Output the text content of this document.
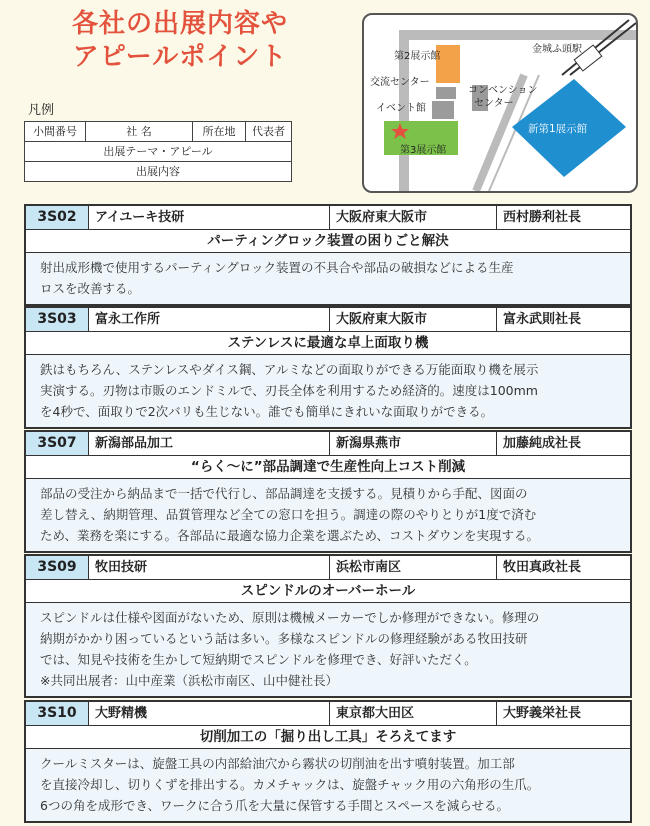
各社の出展内容や
アピールポイント
凡例
小間番号	社 名	所在地	代表者
出展テーマ・アピール
出展内容
第2展示館
金城ふ頭駅
交流センター
コンベンション
センター
イベント館
第3展示館
新第1展示館
3S02	アイユーキ技研	大阪府東大阪市	西村勝利社長
パーティングロック装置の困りごと解決
射出成形機で使用するパーティングロック装置の不具合や部品の破損などによる生産
ロスを改善する。
3S03	富永工作所	大阪府東大阪市	富永武則社長
ステンレスに最適な卓上面取り機
鉄はもちろん、ステンレスやダイス鋼、アルミなどの面取りができる万能面取り機を展示
実演する。刃物は市販のエンドミルで、刃長全体を利用するため経済的。速度は100mm
を4秒で、面取りで2次バリも生じない。誰でも簡単にきれいな面取りができる。
3S07	新潟部品加工	新潟県燕市	加藤純成社長
“らく〜に”部品調達で生産性向上コスト削減
部品の受注から納品まで一括で代行し、部品調達を支援する。見積りから手配、図面の
差し替え、納期管理、品質管理など全ての窓口を担う。調達の際のやりとりが1度で済む
ため、業務を楽にする。各部品に最適な協力企業を選ぶため、コストダウンを実現する。
3S09	牧田技研	浜松市南区	牧田真政社長
スピンドルのオーバーホール
スピンドルは仕様や図面がないため、原則は機械メーカーでしか修理ができない。修理の
納期がかかり困っているという話は多い。多様なスピンドルの修理経験がある牧田技研
では、知見や技術を生かして短納期でスピンドルを修理でき、好評いただく。
※共同出展者：山中産業（浜松市南区、山中健社長）
3S10	大野精機	東京都大田区	大野義栄社長
切削加工の「掘り出し工具」そろえてます
クールミスターは、旋盤工具の内部給油穴から霧状の切削油を出す噴射装置。加工部
を直接冷却し、切りくずを排出する。カメチャックは、旋盤チャック用の六角形の生爪。
6つの角を成形でき、ワークに合う爪を大量に保管する手間とスペースを減らせる。
